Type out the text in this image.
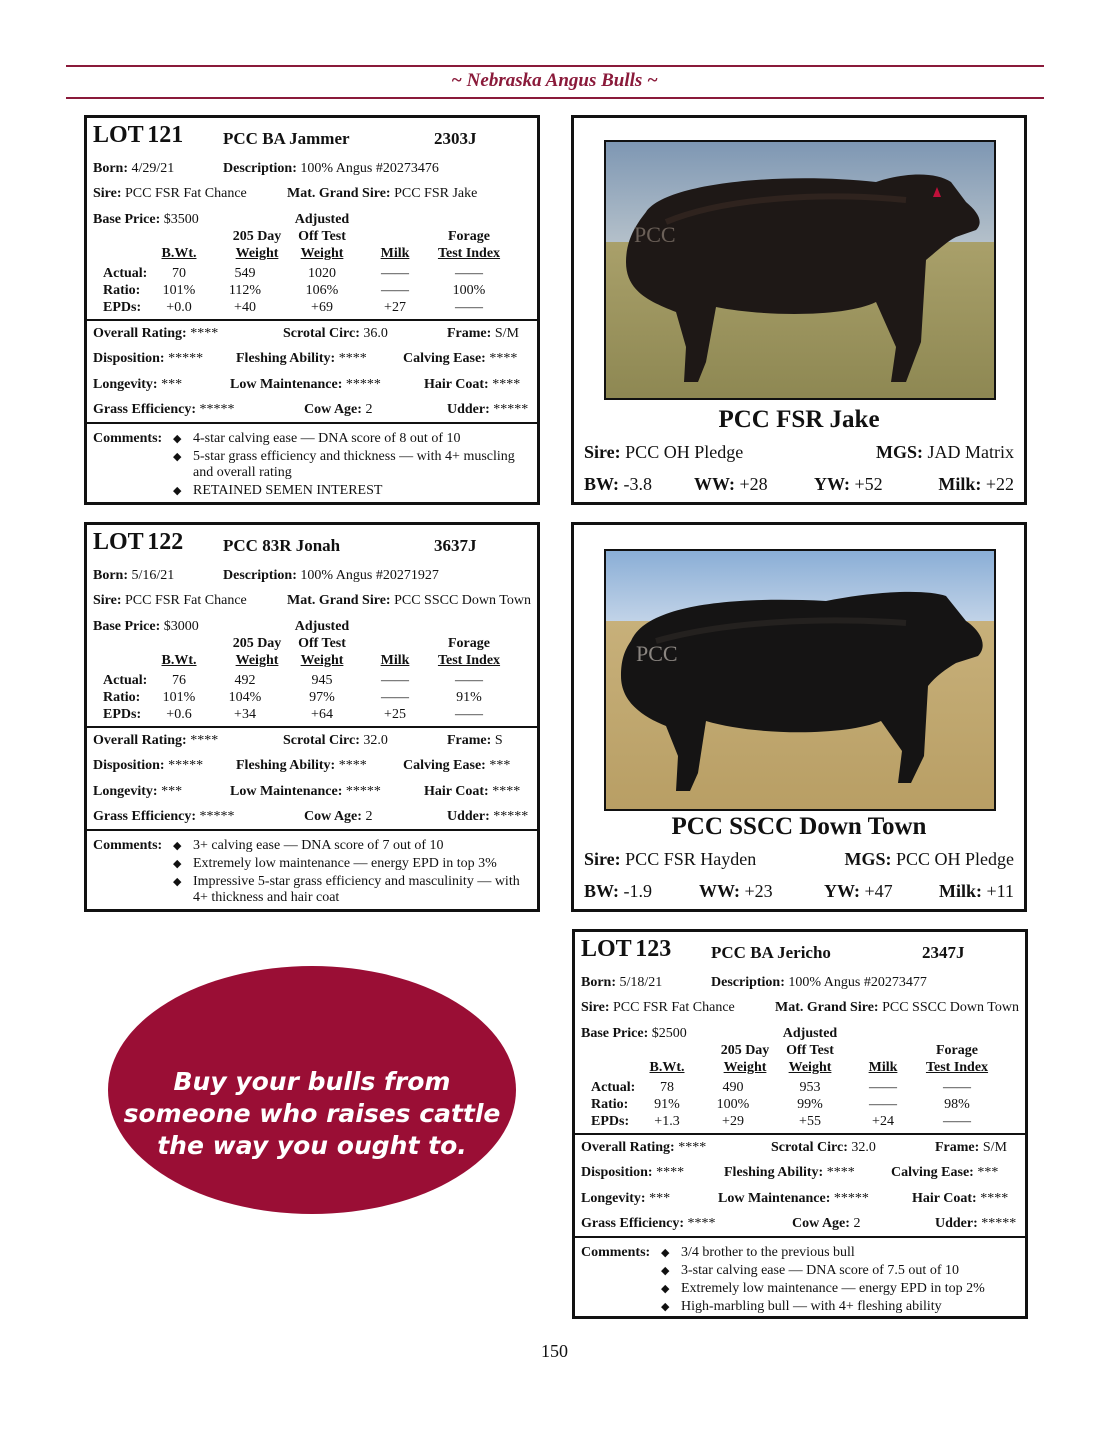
~ Nebraska Angus Bulls ~
LOT 121 PCC BA Jammer	2303J
Born: 4/29/21	Description: 100% Angus #20273476
Sire: PCC FSR Fat Chance	Mat. Grand Sire: PCC FSR Jake
Base Price: $3500	Adjusted
205 Day	Off Test	Forage
B.Wt.	Weight	Weight	Milk	Test Index
Actual:	70	549	1020	——	——
Ratio:	101%	112%	106%	——	100%
EPDs:	+0.0	+40	+69	+27	——
Overall Rating: ****	Scrotal Circ: 36.0	Frame: S/M
Disposition: ***** Fleshing Ability: ****	Calving Ease: ****
Longevity: ***	Low Maintenance: *****	Hair Coat: ****
Grass Efficiency: *****	Cow Age: 2	Udder: *****
Comments: ◆ 4-star calving ease — DNA score of 8 out of 10
◆ 5-star grass efficiency and thickness — with 4+ muscling and overall rating
◆ RETAINED SEMEN INTEREST
LOT 122 PCC 83R Jonah	3637J
Born: 5/16/21	Description: 100% Angus #20271927
Sire: PCC FSR Fat Chance	Mat. Grand Sire: PCC SSCC Down Town
Base Price: $3000	Adjusted
205 Day	Off Test	Forage
B.Wt.	Weight	Weight	Milk	Test Index
Actual:	76	492	945	——	——
Ratio:	101%	104%	97%	——	91%
EPDs:	+0.6	+34	+64	+25	——
Overall Rating: ****	Scrotal Circ: 32.0	Frame: S
Disposition: ***** Fleshing Ability: ****	Calving Ease: ***
Longevity: ***	Low Maintenance: *****	Hair Coat: ****
Grass Efficiency: *****	Cow Age: 2	Udder: *****
Comments: ◆ 3+ calving ease — DNA score of 7 out of 10
◆ Extremely low maintenance — energy EPD in top 3%
◆ Impressive 5-star grass efficiency and masculinity — with 4+ thickness and hair coat
LOT 123 PCC BA Jericho	2347J
Born: 5/18/21	Description: 100% Angus #20273477
Sire: PCC FSR Fat Chance	Mat. Grand Sire: PCC SSCC Down Town
Base Price: $2500	Adjusted
205 Day	Off Test	Forage
B.Wt.	Weight	Weight	Milk	Test Index
Actual:	78	490	953	——	——
Ratio:	91%	100%	99%	——	98%
EPDs:	+1.3	+29	+55	+24	——
Overall Rating: ****	Scrotal Circ: 32.0	Frame: S/M
Disposition: ****	Fleshing Ability: ****	Calving Ease: ***
Longevity: ***	Low Maintenance: *****	Hair Coat: ****
Grass Efficiency: ****	Cow Age: 2	Udder: *****
Comments: ◆ 3/4 brother to the previous bull
◆ 3-star calving ease — DNA score of 7.5 out of 10
◆ Extremely low maintenance — energy EPD in top 2%
◆ High-marbling bull — with 4+ fleshing ability
PCC
PCC FSR Jake
Sire: PCC OH Pledge	MGS: JAD Matrix
BW: -3.8 WW: +28	YW: +52	Milk: +22
PCC
PCC SSCC Down Town
Sire: PCC FSR Hayden	MGS: PCC OH Pledge
BW: -1.9	WW: +23	YW: +47	Milk: +11
Buy your bulls from
someone who raises cattle
the way you ought to.
150
